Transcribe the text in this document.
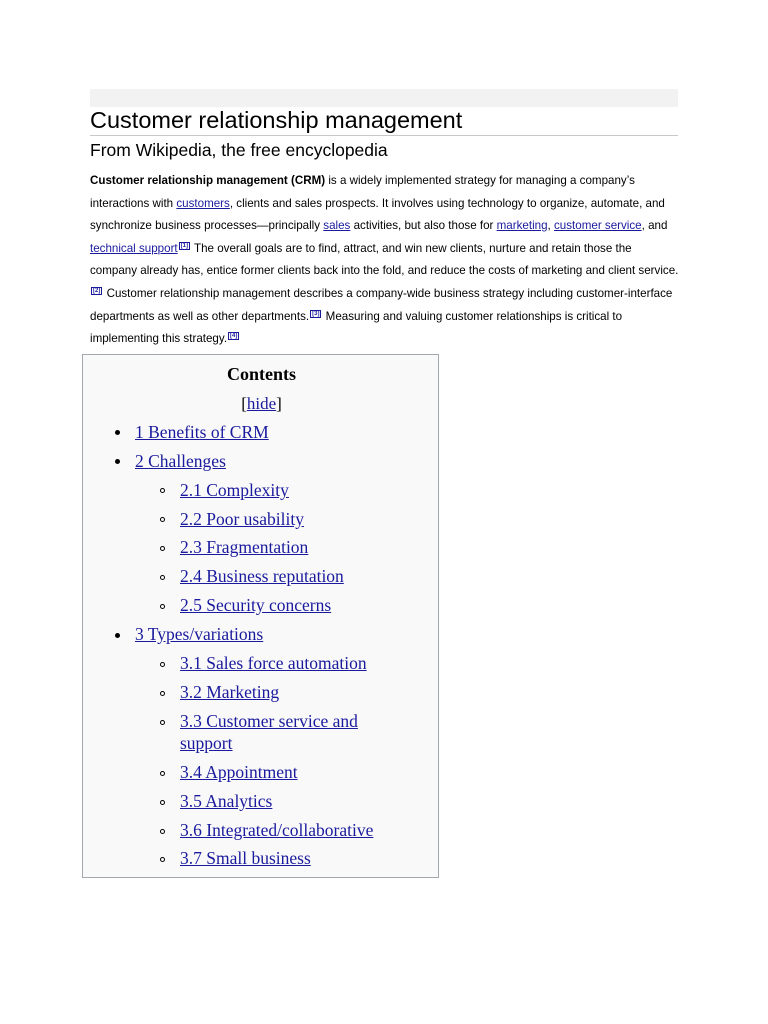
Customer relationship management
From Wikipedia, the free encyclopedia

Customer relationship management (CRM) is a widely implemented strategy for managing a company’s interactions with customers, clients and sales prospects. It involves using technology to organize, automate, and synchronize business processes—principally sales activities, but also those for marketing, customer service, and technical support [1] The overall goals are to find, attract, and win new clients, nurture and retain those the company already has, entice former clients back into the fold, and reduce the costs of marketing and client service.[2] Customer relationship management describes a company-wide business strategy including customer-interface departments as well as other departments. [3] Measuring and valuing customer relationships is critical to implementing this strategy. [4]

Contents
[hide]
1 Benefits of CRM
2 Challenges
2.1 Complexity
2.2 Poor usability
2.3 Fragmentation
2.4 Business reputation
2.5 Security concerns
3 Types/variations
3.1 Sales force automation
3.2 Marketing
3.3 Customer service and
support
3.4 Appointment
3.5 Analytics
3.6 Integrated/collaborative
3.7 Small business
